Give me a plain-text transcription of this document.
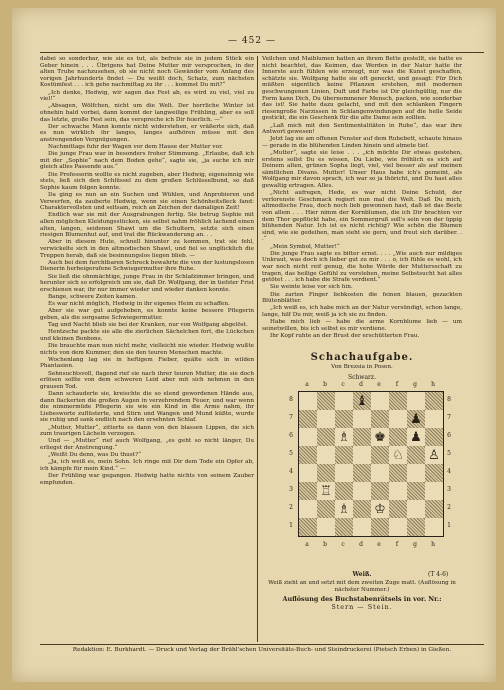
— 452 —

dabei so sonderbar, wie sie es tut, als befreie sie in jedem Stück ein Geber hinein . . . Übrigens hat Deine Mutter mir versprochen, in der alten Truhe nachzusehen, ob sie nicht noch Gewänder vom Anfang des vorigen Jahrhunderts findet — Du weißt doch, Schatz, zum nächsten Kostümfest . . . ich gehe nachmittag zu ihr . . . kommst Du mit?“

„Ich denke, Hedwig, wir sagen das Fest ab, es wird zu viel, viel zu viel!“

„Absagen, Wölfchen, nicht um die Welt. Der herrliche Winter ist ohnehin bald vorbei, dann kommt der langweilige Frühling, aber es soll das letzte, große Fest sein, das verspreche ich Dir feierlich. —“

Der schwache Mann konnte nicht widerstehen, er vräßerte sich, daß es nun wirklich ihr langes, langes aufhören müsse mit den anstrengenden Vergnügungen.

Nachmittags fuhr der Wagen vor dem Hause der Mutter vor.

Die junge Frau war in besonders froher Stimmung. „Erlaube, daß ich mit der „Sophie“ nach dem Boden gehe“, sagte sie, „ja suche ich mir gleich alles Passende aus.“

Die Professorin wollte es nicht zugeben, aber Hedwig, eigensinnig wie stets, ließ sich den Schlüssel zu dem großen Schlüsselbund, so daß Sophie kaum folgen konnte.

Da ging es nun an ein Suchen und Wühlen, und Anprobieren und Verwerfen, da zauberte Hedwig, wenn sie einen Schönheitsfleck fand: Charaktervollsten und seltsam, reich an Zeichen der damaligen Zeit!

Endlich war sie mit der Ausgrabungen fertig. Sie betrug Sophie mit allen möglichen Kleidungsstücken, sie selbst nahm fröhlich lachend einen alten, langen, seidenen Shawl um die Schultern, setzte sich einen riesigen Blumenhut auf, und trat die Rückwanderung an. . .

Aber in diesem Hute, schnell hinunter zu kommen, trat sie fehl, verwickelte sich in den altmodischen Shawl, und fiel so unglücklich die Treppen herab, daß sie besinnungslos liegen blieb. —

Auch bei dem furchtbaren Schreck bewahrte die von der lustungslosen Dienerin herbeigerufene Schwiegermutter ihre Ruhe.

Sie ließ die ohnmächtige, junge Frau in ihr Schlafzimmer bringen, und herunter sich so erfolgreich um sie, daß Dr. Wolfgang, der in tiefster Frist erschienen war, ihr nur immer wieder und wieder danken konnte.

Bange, schwere Zeiten kamen.

Es war nicht möglich, Hedwig in ihr eigenes Heim zu schaffen.

Aber sie war gut aufgehoben, es konnte keine bessere Pflegerin geben, als die sorgsame Schwiegermutter.

Tag und Nacht blieb sie bei der Kranken, nur von Wolfgang abgelöst.

Hentzsche packte sie alle die zierlichen Sächelchen fort, die Lückchen und kleinen Bonbons.

Die brauchte man nun nicht mehr, vielleicht nie wieder. Hedwig wußte nichts von dem Kummer, den sie den teuren Menschen machte.

Wochenlang lag sie in heftigem Fieber, quälte sich in wilden Phantasien.

Sehnsuchtsvoll, flagend rief sie nach ihrer teuren Mutter, die sie doch erlösen sollte von dem schweren Leid aber mit sich nehmen in den grausen Tod.

Dann schauderte sie, kreischte die so elend gewordenen Hände aus, dann flackerten die großen Augen in verzehrendem Feuer, und war wenn die nimmermüde Pflegerin sie wie ein Kind in die Arme nahm, ihr Liebesworte zuflüsterte, und Stirn und Wangen und Mund küßte, wurde sie ruhig und sank endlich nach den ersehnten Schlaf.

„Mutter, Mutter“, zitterte es dann von den blassen Lippen, die sich zum traurigen Lächeln verzogen.

Und — „Mutter“ rief auch Wolfgang, „es geht so nicht länger, Du erliegst der Anstrengung.“

„Weißt Du denn, was Du thust?“

„Ja, ich weiß es, mein Sohn. Ich ringe mit Dir dem Tode ein Opfer ab, ich kämpfe für mein Kind.“ —

Der Frühling war gegangen. Hedwig hatte nichts von seinem Zauber empfunden.

Veilchen und Maiblumen hatten an ihrem Bette gestellt, sie hatte es nicht beachtet, das Keimen, das Werden in der Natur hatte ihr Innerste auch fühlen wie erzeugt, nur was die Kunst geschaffen, schätzte sie. Wolfgang hatte sie oft geneckt, und gesagt: Für Dich müßten eigentlich keine Pflanzen erstehen, mit modernen geschwungenen Linien, Duft und Farbe ist Dir gleichgültig, nur die Form kann Dich, Du übernommener Mensch, packen, wie sonderbar das ist! Sie hatte dazu gelacht, und mit den schlanken Fingern riesengroße Narzissen in Schlangenwindungen auf die helle Seide gestickt, die ein Geschenk für die alte Dame sein sollten.

„Laß mich mit den Sentimentalitäten in Ruhe“, das war ihre Antwort gewesen!

Jetzt lag sie am offenen Fenster auf dem Ruhebett, schaute hinaus — gerade in die blühenden Linden hinein und atmete tief.

„Mutter“, sagte sie leise . . . „ich möchte Dir etwas gestehen, erstens sollst Du es wissen, Du Liebe, wie fröhlich es sich auf Deinem alten, grünen Sopha liegt, viel, viel besser als auf meinen sämtlichen Divans. Mutter! Unser Haus habe ich's gemeint, als Wolfgang mir davon sprach, ich war so ja thöricht, und Du hast alles gewaltig ertragen. Alles.

„Nicht aufregen, Hede, es war nicht Deine Schuld, der verlorenste Geschmack regiert nun mal die Welt. Daß Du mich, altmodische Frau, doch noch lieb gewonnen hast, daß ist das Beste von allem . . . Hier nimm der Kornblumen, die ich Dir brachten vor dem Thor gepflückt habe, ein Sommergruß soll's sein von der üppig blühenden Natur. Ich ist es nicht richtig? Wie schön die Blumen sind, wie sie gedeihen, man sieht sie gern, und freut sich darüber. . .“

„Mein Symbol, Mutter!“

Die junge Frau sagte es bitter ernst. . . . „Wie auch nur mildiges Unkraut, was doch ich lieber gut zu mir . . . o, ich fühle es wohl, ich war noch nicht reif genug, die hohe Würde der Muttersschaft zu tragen, das heilige Gefühl zu verstehen, meine Selbstsucht hat alles getötet . . . ich habe die Strafe verdient.“

Sie weinte leise vor sich hin.

Die zarten Finger liebkosten die feinen blauen, gezackten Blütenblätter.

„Ich weiß es, ich habe mich an der Natur versündigt, schon lange, lange, hilf Du mir, weiß ja ich sie zu finden.

Habe mich lieb — habe die arme Kornblume lieb — um seinetwillen, bis ich selbst es mir verdiene.

Ihr Kopf ruhte an der Brust der erschütterten Frau.

Schachaufgabe.
Von Brezsia in Posen.
Schwarz.
a	b	c	d	e	f	g	h
8
7
6
5
4
3
2
1
♝
♟
♗ ♚ ♟
♘ ♙
♖
♗ ♔
8
7
6
5
4
3
2
1
a	b	c	d	e	f	g	h
Weiß.	(T 4-6)
Weiß zieht an und setzt mit dem zweiten Zuge matt. (Auflösung in nächster Nummer.)
Auflösung des Buchstabenrätsels in vor. Nr.:
Stern — Stein.
Redaktion: E. Burkhardt. — Druck und Verlag der Brühl'schen Universitäts-Buch- und Steindruckerei (Pietsch Erben) in Gießen.
